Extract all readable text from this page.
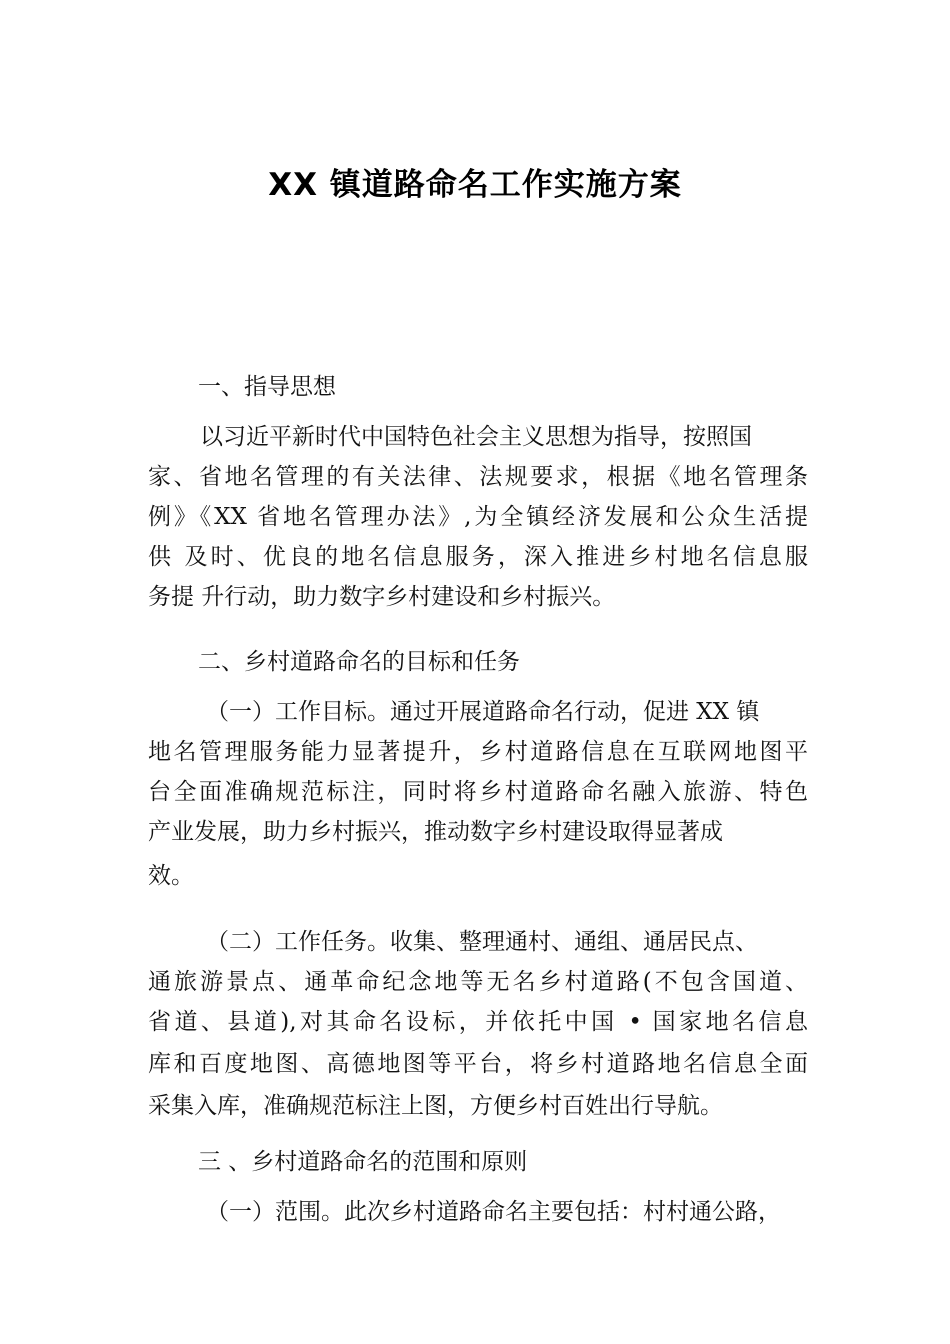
XX 镇道路命名工作实施方案
一、指导思想
以习近平新时代中国特色社会主义思想为指导，按照国
家、省地名管理的有关法律、法规要求，根据《地名管理条
例》《XX 省地名管理办法》,为全镇经济发展和公众生活提
供 及时、优良的地名信息服务，深入推进乡村地名信息服
务提 升行动，助力数字乡村建设和乡村振兴。
二、乡村道路命名的目标和任务
（一）工作目标。通过开展道路命名行动，促进 XX 镇
地名管理服务能力显著提升，乡村道路信息在互联网地图平
台全面准确规范标注，同时将乡村道路命名融入旅游、特色
产业发展，助力乡村振兴，推动数字乡村建设取得显著成
效。
（二）工作任务。收集、整理通村、通组、通居民点、
通旅游景点、通革命纪念地等无名乡村道路(不包含国道、
省道、县道),对其命名设标，并依托中国 • 国家地名信息
库和百度地图、高德地图等平台，将乡村道路地名信息全面
采集入库，准确规范标注上图，方便乡村百姓出行导航。
三 、乡村道路命名的范围和原则
（一）范围。此次乡村道路命名主要包括：村村通公路，
